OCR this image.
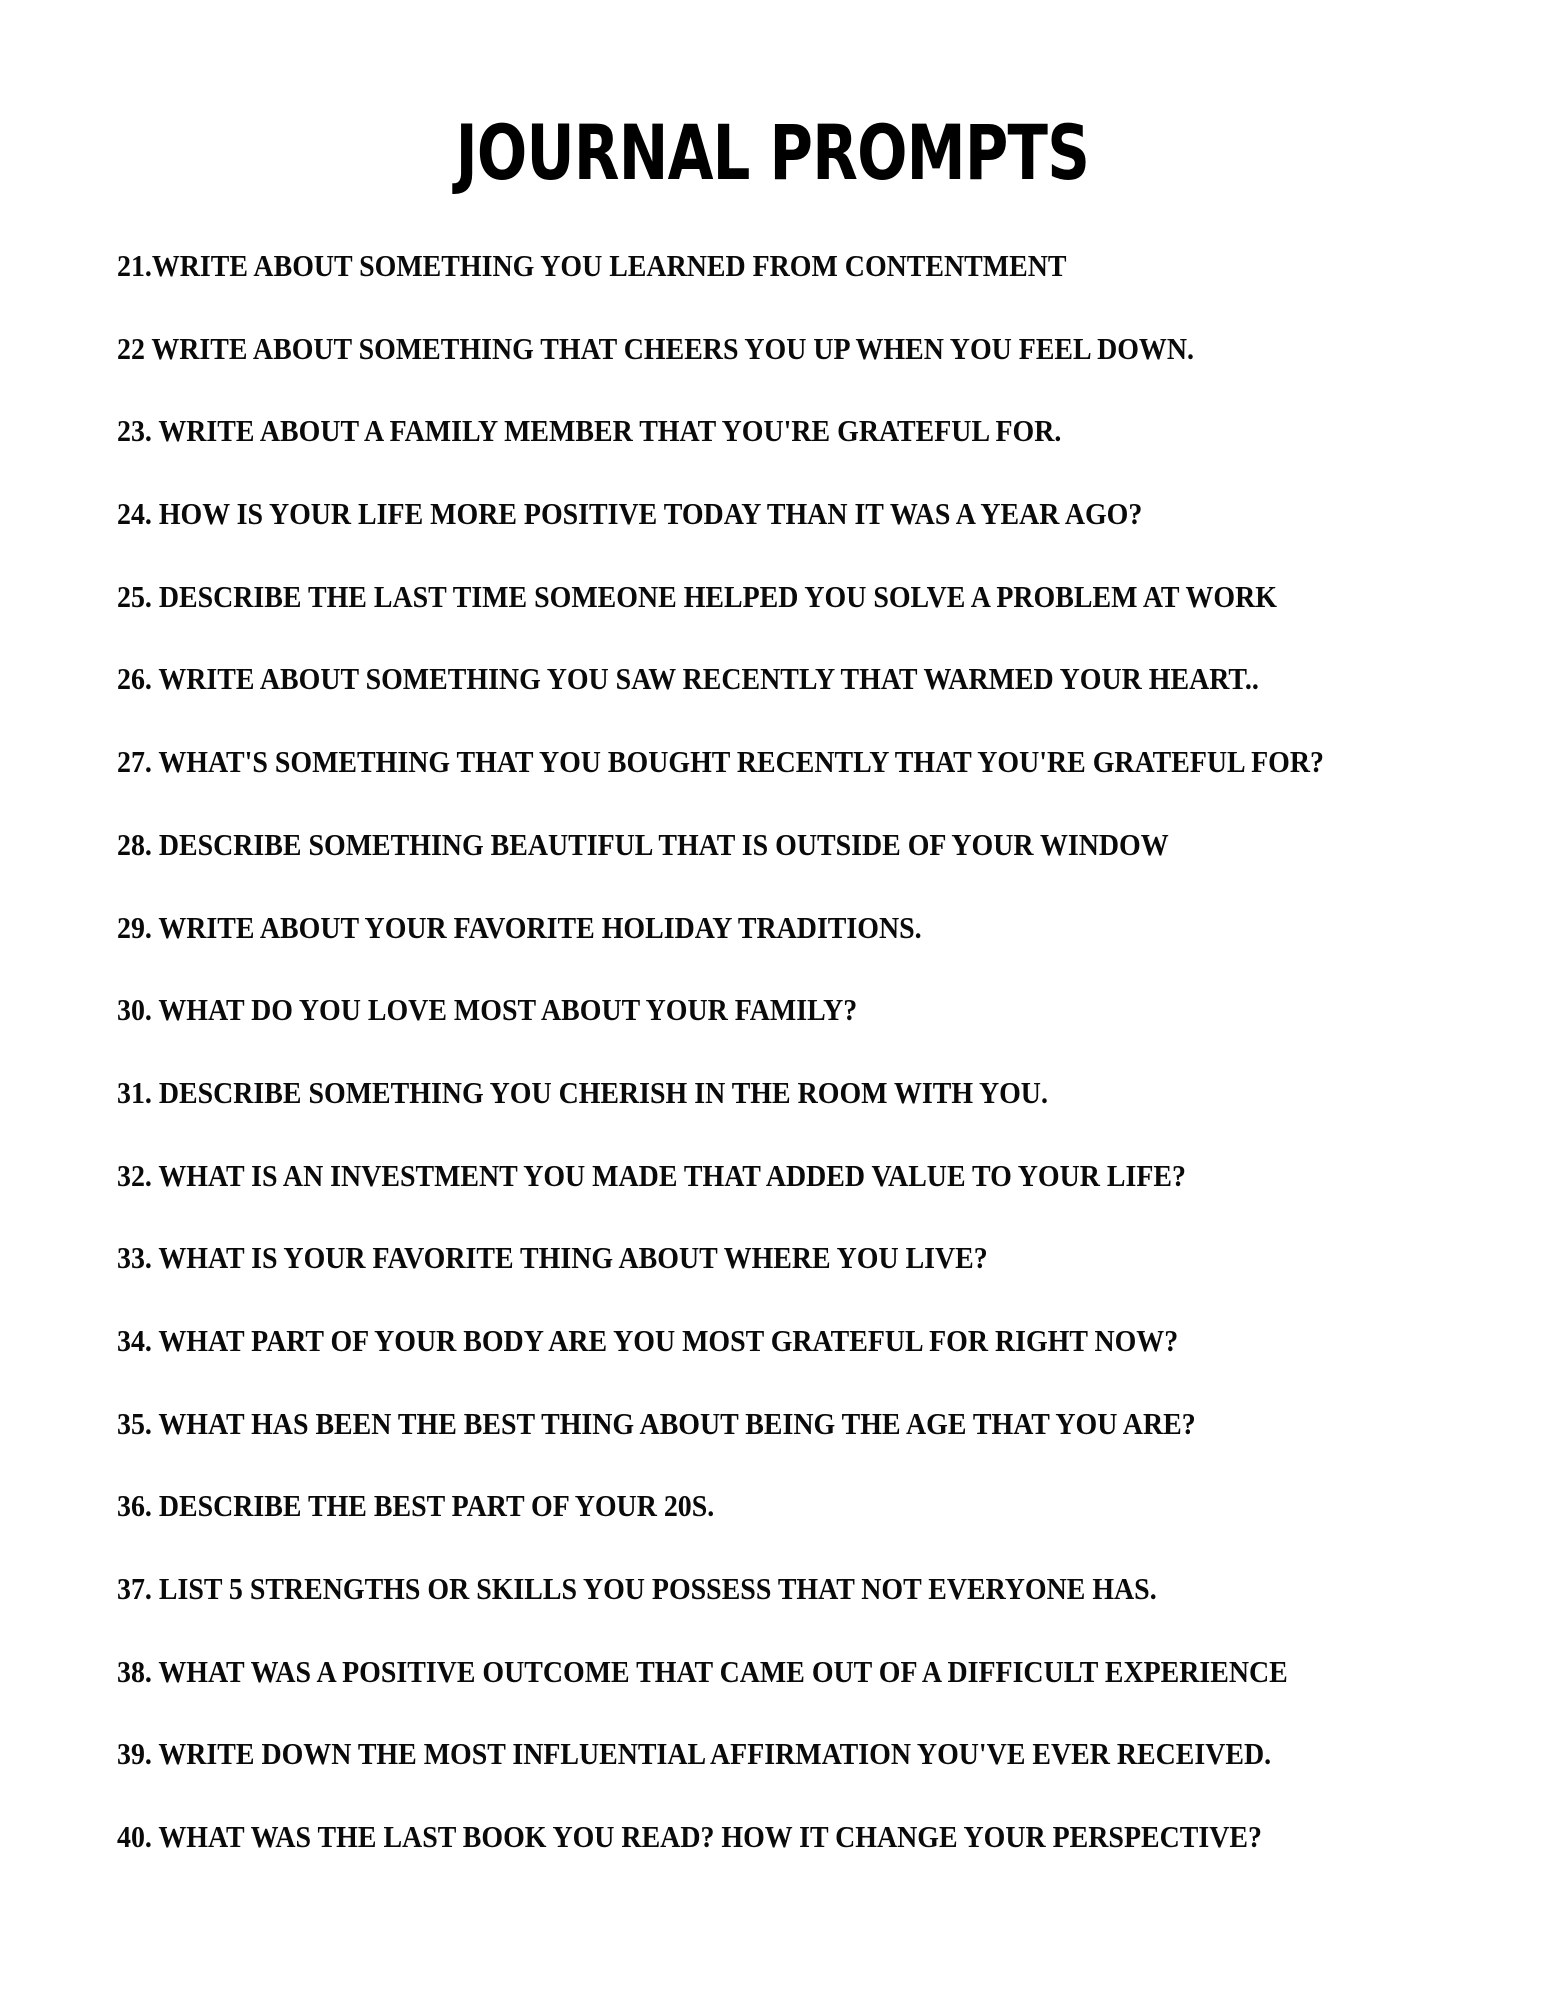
JOURNAL PROMPTS
21.WRITE ABOUT SOMETHING YOU LEARNED FROM CONTENTMENT
22 WRITE ABOUT SOMETHING THAT CHEERS YOU UP WHEN YOU FEEL DOWN.
23. WRITE ABOUT A FAMILY MEMBER THAT YOU'RE GRATEFUL FOR.
24. HOW IS YOUR LIFE MORE POSITIVE TODAY THAN IT WAS A YEAR AGO?
25. DESCRIBE THE LAST TIME SOMEONE HELPED YOU SOLVE A PROBLEM AT WORK
26. WRITE ABOUT SOMETHING YOU SAW RECENTLY THAT WARMED YOUR HEART..
27. WHAT'S SOMETHING THAT YOU BOUGHT RECENTLY THAT YOU'RE GRATEFUL FOR?
28. DESCRIBE SOMETHING BEAUTIFUL THAT IS OUTSIDE OF YOUR WINDOW
29. WRITE ABOUT YOUR FAVORITE HOLIDAY TRADITIONS.
30. WHAT DO YOU LOVE MOST ABOUT YOUR FAMILY?
31. DESCRIBE SOMETHING YOU CHERISH IN THE ROOM WITH YOU.
32. WHAT IS AN INVESTMENT YOU MADE THAT ADDED VALUE TO YOUR LIFE?
33. WHAT IS YOUR FAVORITE THING ABOUT WHERE YOU LIVE?
34. WHAT PART OF YOUR BODY ARE YOU MOST GRATEFUL FOR RIGHT NOW?
35. WHAT HAS BEEN THE BEST THING ABOUT BEING THE AGE THAT YOU ARE?
36. DESCRIBE THE BEST PART OF YOUR 20S.
37. LIST 5 STRENGTHS OR SKILLS YOU POSSESS THAT NOT EVERYONE HAS.
38. WHAT WAS A POSITIVE OUTCOME THAT CAME OUT OF A DIFFICULT EXPERIENCE
39. WRITE DOWN THE MOST INFLUENTIAL AFFIRMATION YOU'VE EVER RECEIVED.
40. WHAT WAS THE LAST BOOK YOU READ? HOW IT CHANGE YOUR PERSPECTIVE?
